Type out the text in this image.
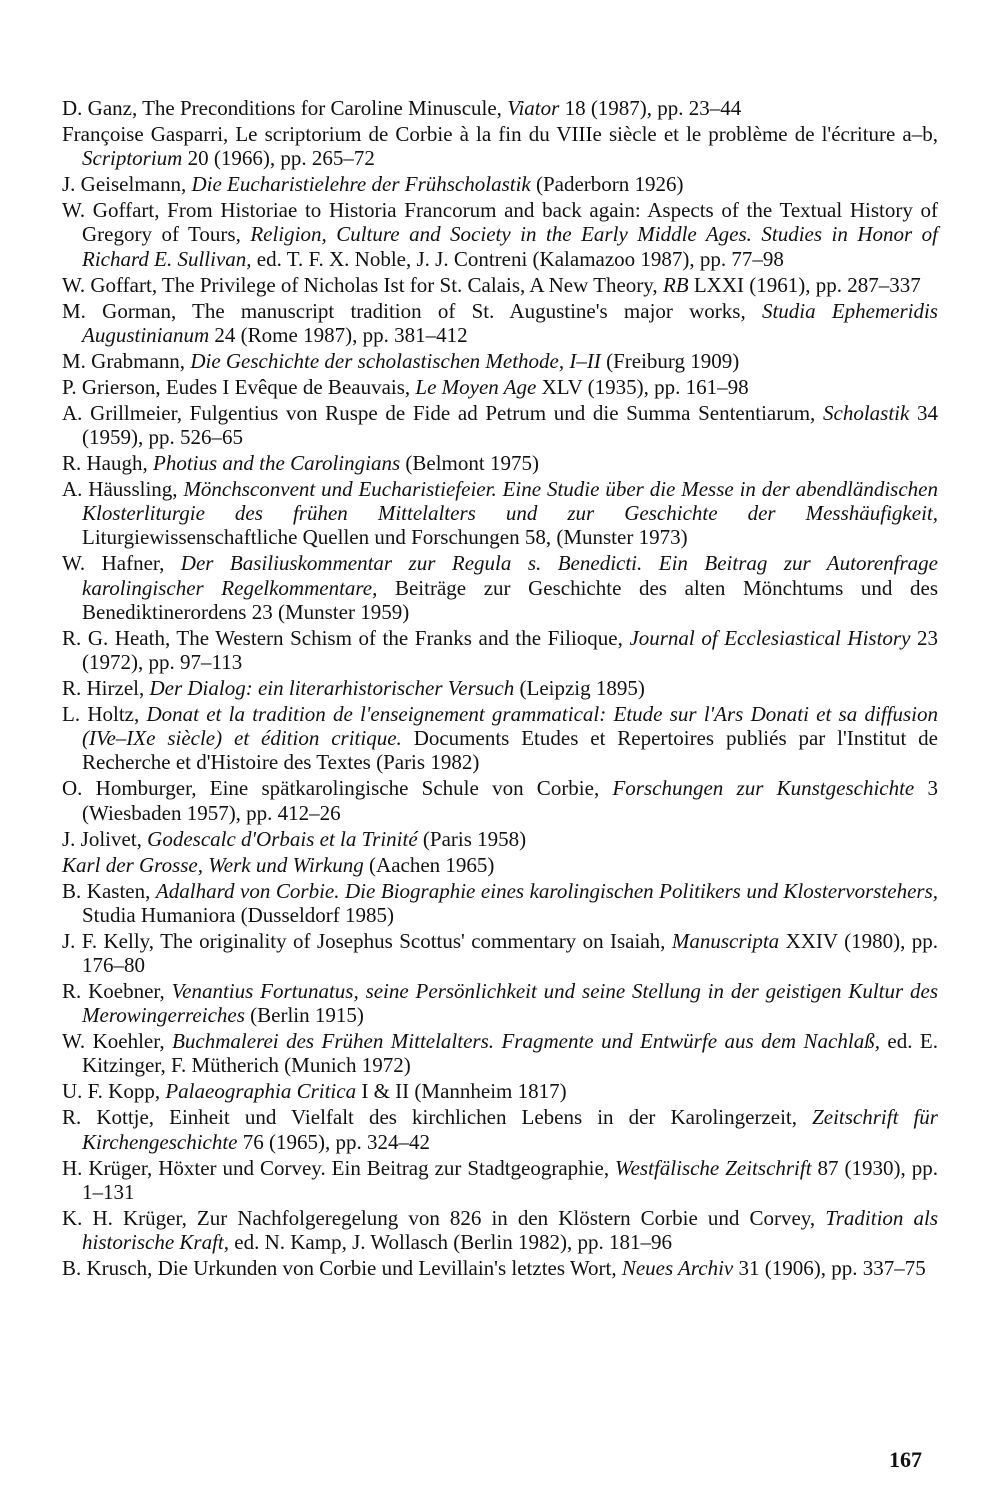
D. Ganz, The Preconditions for Caroline Minuscule, Viator 18 (1987), pp. 23–44
Françoise Gasparri, Le scriptorium de Corbie à la fin du VIIIe siècle et le problème de l'écriture a–b, Scriptorium 20 (1966), pp. 265–72
J. Geiselmann, Die Eucharistielehre der Frühscholastik (Paderborn 1926)
W. Goffart, From Historiae to Historia Francorum and back again: Aspects of the Textual History of Gregory of Tours, Religion, Culture and Society in the Early Middle Ages. Studies in Honor of Richard E. Sullivan, ed. T. F. X. Noble, J. J. Contreni (Kalamazoo 1987), pp. 77–98
W. Goffart, The Privilege of Nicholas Ist for St. Calais, A New Theory, RB LXXI (1961), pp. 287–337
M. Gorman, The manuscript tradition of St. Augustine's major works, Studia Ephemeridis Augustinianum 24 (Rome 1987), pp. 381–412
M. Grabmann, Die Geschichte der scholastischen Methode, I–II (Freiburg 1909)
P. Grierson, Eudes I Evêque de Beauvais, Le Moyen Age XLV (1935), pp. 161–98
A. Grillmeier, Fulgentius von Ruspe de Fide ad Petrum und die Summa Sententiarum, Scholastik 34 (1959), pp. 526–65
R. Haugh, Photius and the Carolingians (Belmont 1975)
A. Häussling, Mönchsconvent und Eucharistiefeier. Eine Studie über die Messe in der abendländischen Klosterliturgie des frühen Mittelalters und zur Geschichte der Messhäufigkeit, Liturgiewissenschaftliche Quellen und Forschungen 58, (Munster 1973)
W. Hafner, Der Basiliuskommentar zur Regula s. Benedicti. Ein Beitrag zur Autorenfrage karolingischer Regelkommentare, Beiträge zur Geschichte des alten Mönchtums und des Benediktinerordens 23 (Munster 1959)
R. G. Heath, The Western Schism of the Franks and the Filioque, Journal of Ecclesiastical History 23 (1972), pp. 97–113
R. Hirzel, Der Dialog: ein literarhistorischer Versuch (Leipzig 1895)
L. Holtz, Donat et la tradition de l'enseignement grammatical: Etude sur l'Ars Donati et sa diffusion (IVe–IXe siècle) et édition critique. Documents Etudes et Repertoires publiés par l'Institut de Recherche et d'Histoire des Textes (Paris 1982)
O. Homburger, Eine spätkarolingische Schule von Corbie, Forschungen zur Kunstgeschichte 3 (Wiesbaden 1957), pp. 412–26
J. Jolivet, Godescalc d'Orbais et la Trinité (Paris 1958)
Karl der Grosse, Werk und Wirkung (Aachen 1965)
B. Kasten, Adalhard von Corbie. Die Biographie eines karolingischen Politikers und Klostervorstehers, Studia Humaniora (Dusseldorf 1985)
J. F. Kelly, The originality of Josephus Scottus' commentary on Isaiah, Manuscripta XXIV (1980), pp. 176–80
R. Koebner, Venantius Fortunatus, seine Persönlichkeit und seine Stellung in der geistigen Kultur des Merowingerreiches (Berlin 1915)
W. Koehler, Buchmalerei des Frühen Mittelalters. Fragmente und Entwürfe aus dem Nachlaß, ed. E. Kitzinger, F. Mütherich (Munich 1972)
U. F. Kopp, Palaeographia Critica I & II (Mannheim 1817)
R. Kottje, Einheit und Vielfalt des kirchlichen Lebens in der Karolingerzeit, Zeitschrift für Kirchengeschichte 76 (1965), pp. 324–42
H. Krüger, Höxter und Corvey. Ein Beitrag zur Stadtgeographie, Westfälische Zeitschrift 87 (1930), pp. 1–131
K. H. Krüger, Zur Nachfolgeregelung von 826 in den Klöstern Corbie und Corvey, Tradition als historische Kraft, ed. N. Kamp, J. Wollasch (Berlin 1982), pp. 181–96
B. Krusch, Die Urkunden von Corbie und Levillain's letztes Wort, Neues Archiv 31 (1906), pp. 337–75
167
